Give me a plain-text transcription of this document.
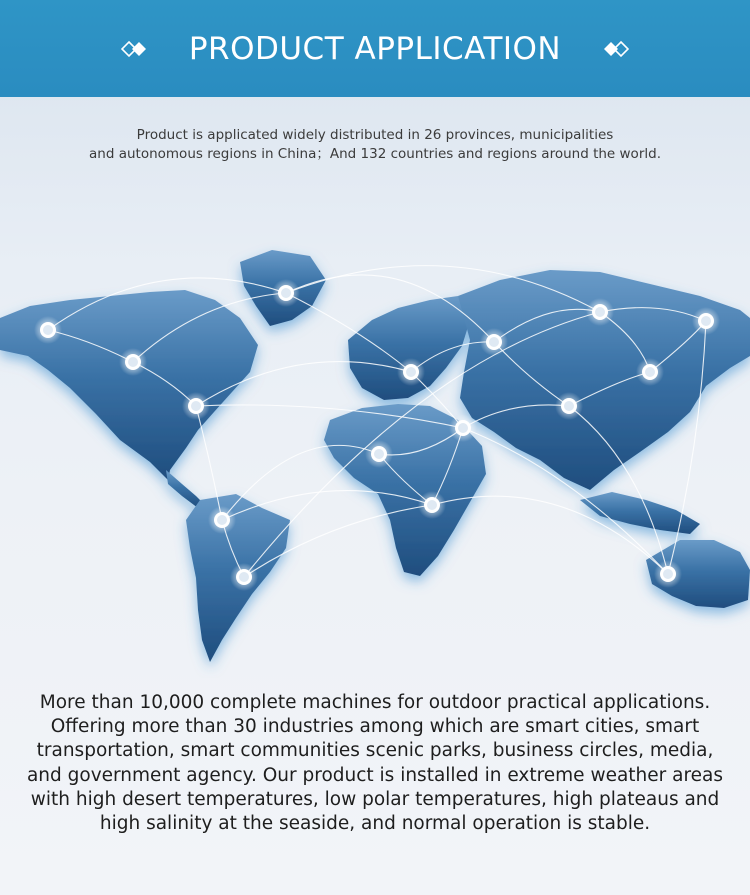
PRODUCT APPLICATION
Product is applicated widely distributed in 26 provinces, municipalities
and autonomous regions in China；And 132 countries and regions around the world.
More than 10,000 complete machines for outdoor practical applications. Offering more than 30 industries among which are smart cities, smart transportation, smart communities scenic parks, business circles, media, and government agency. Our product is installed in extreme weather areas with high desert temperatures, low polar temperatures, high plateaus and high salinity at the seaside, and normal operation is stable.
